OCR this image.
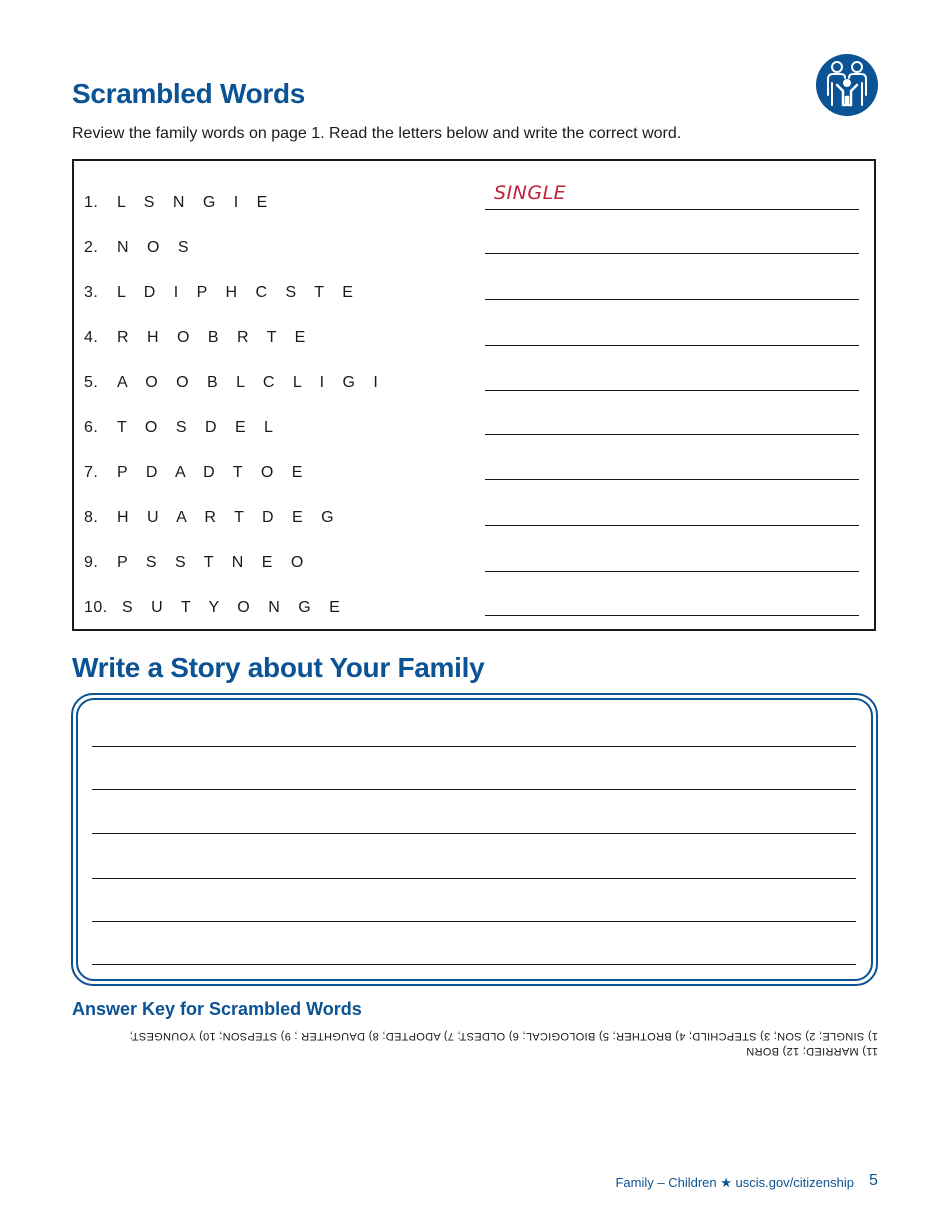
Scrambled Words
Review the family words on page 1. Read the letters below and write the correct word.
1. L S N G I E	SINGLE
2. N O S
3. L D I P H C S T E
4. R H O B R T E
5. A O O B L C L I G I
6. T O S D E L
7. P D A D T O E
8. H U A R T D E G
9. P S S T N E O
10. S U T Y O N G E
Write a Story about Your Family
Answer Key for Scrambled Words
11) MARRIED; 12) BORN
1) SINGLE; 2) SON; 3) STEPCHILD; 4) BROTHER; 5) BIOLOGICAL; 6) OLDEST; 7) ADOPTED; 8) DAUGHTER ; 9) STEPSON; 10) YOUNGEST;
Family – Children ★ uscis.gov/citizenship 5
